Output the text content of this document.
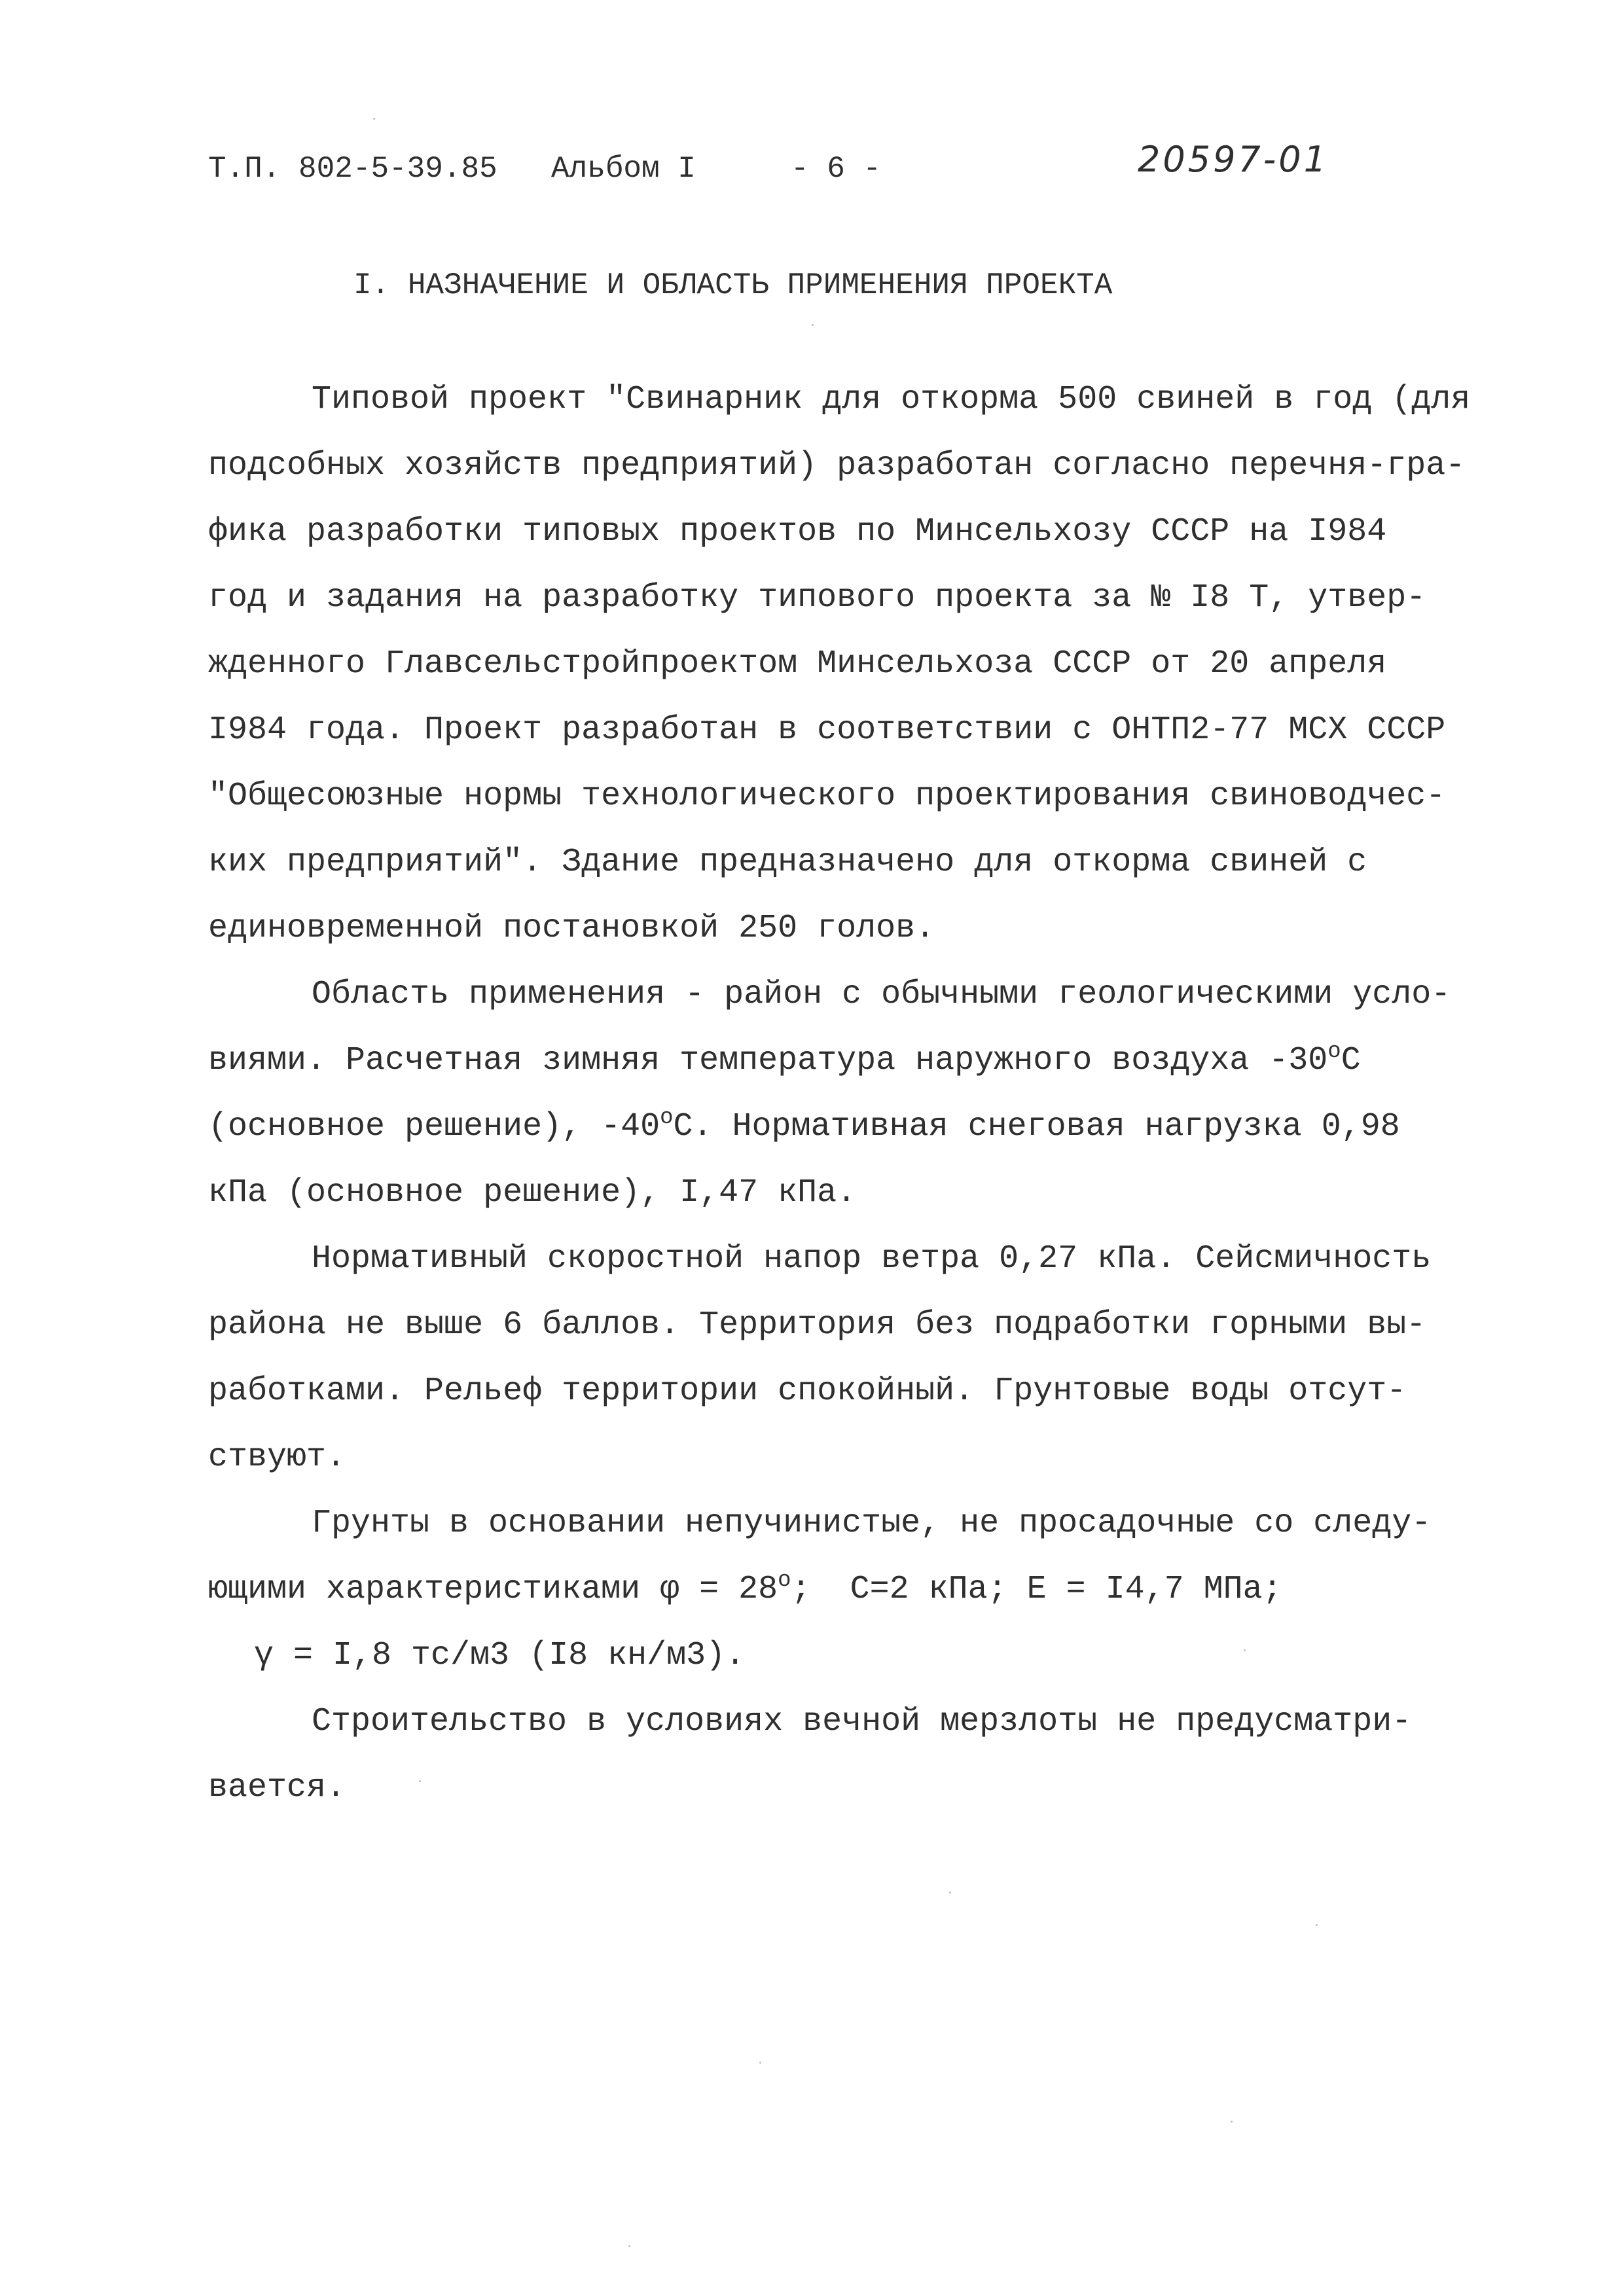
Т.П. 802-5-39.85 Альбом I	- 6 -	20597-01
I. НАЗНАЧЕНИЕ И ОБЛАСТЬ ПРИМЕНЕНИЯ ПРОЕКТА
Типовой проект "Свинарник для откорма 500 свиней в год (для
подсобных хозяйств предприятий) разработан согласно перечня-гра-
фика разработки типовых проектов по Минсельхозу СССР на I984
год и задания на разработку типового проекта за № I8 Т, утвер-
жденного Главсельстройпроектом Минсельхоза СССР от 20 апреля
I984 года. Проект разработан в соответствии с ОНТП2-77 МСХ СССР
"Общесоюзные нормы технологического проектирования свиноводчес-
ких предприятий". Здание предназначено для откорма свиней с
единовременной постановкой 250 голов.
Область применения - район с обычными геологическими усло-
виями. Расчетная зимняя температура наружного воздуха $-30^оС$
(основное решение), $-40^оС$. Нормативная снеговая нагрузка 0,98
кПа (основное решение), I,47 кПа.
Нормативный скоростной напор ветра 0,27 кПа. Сейсмичность
района не выше 6 баллов. Территория без подработки горными вы-
работками. Рельеф территории спокойный. Грунтовые воды отсут-
ствуют.
Грунты в основании непучинистые, не просадочные со следу-
ющими характеристиками $\varphi = 28^о$;  С=2 кПа; Е = I4,7 МПа;
γ = I,8 тс/м3 (I8 кн/м3).
Строительство в условиях вечной мерзлоты не предусматри-
вается.
